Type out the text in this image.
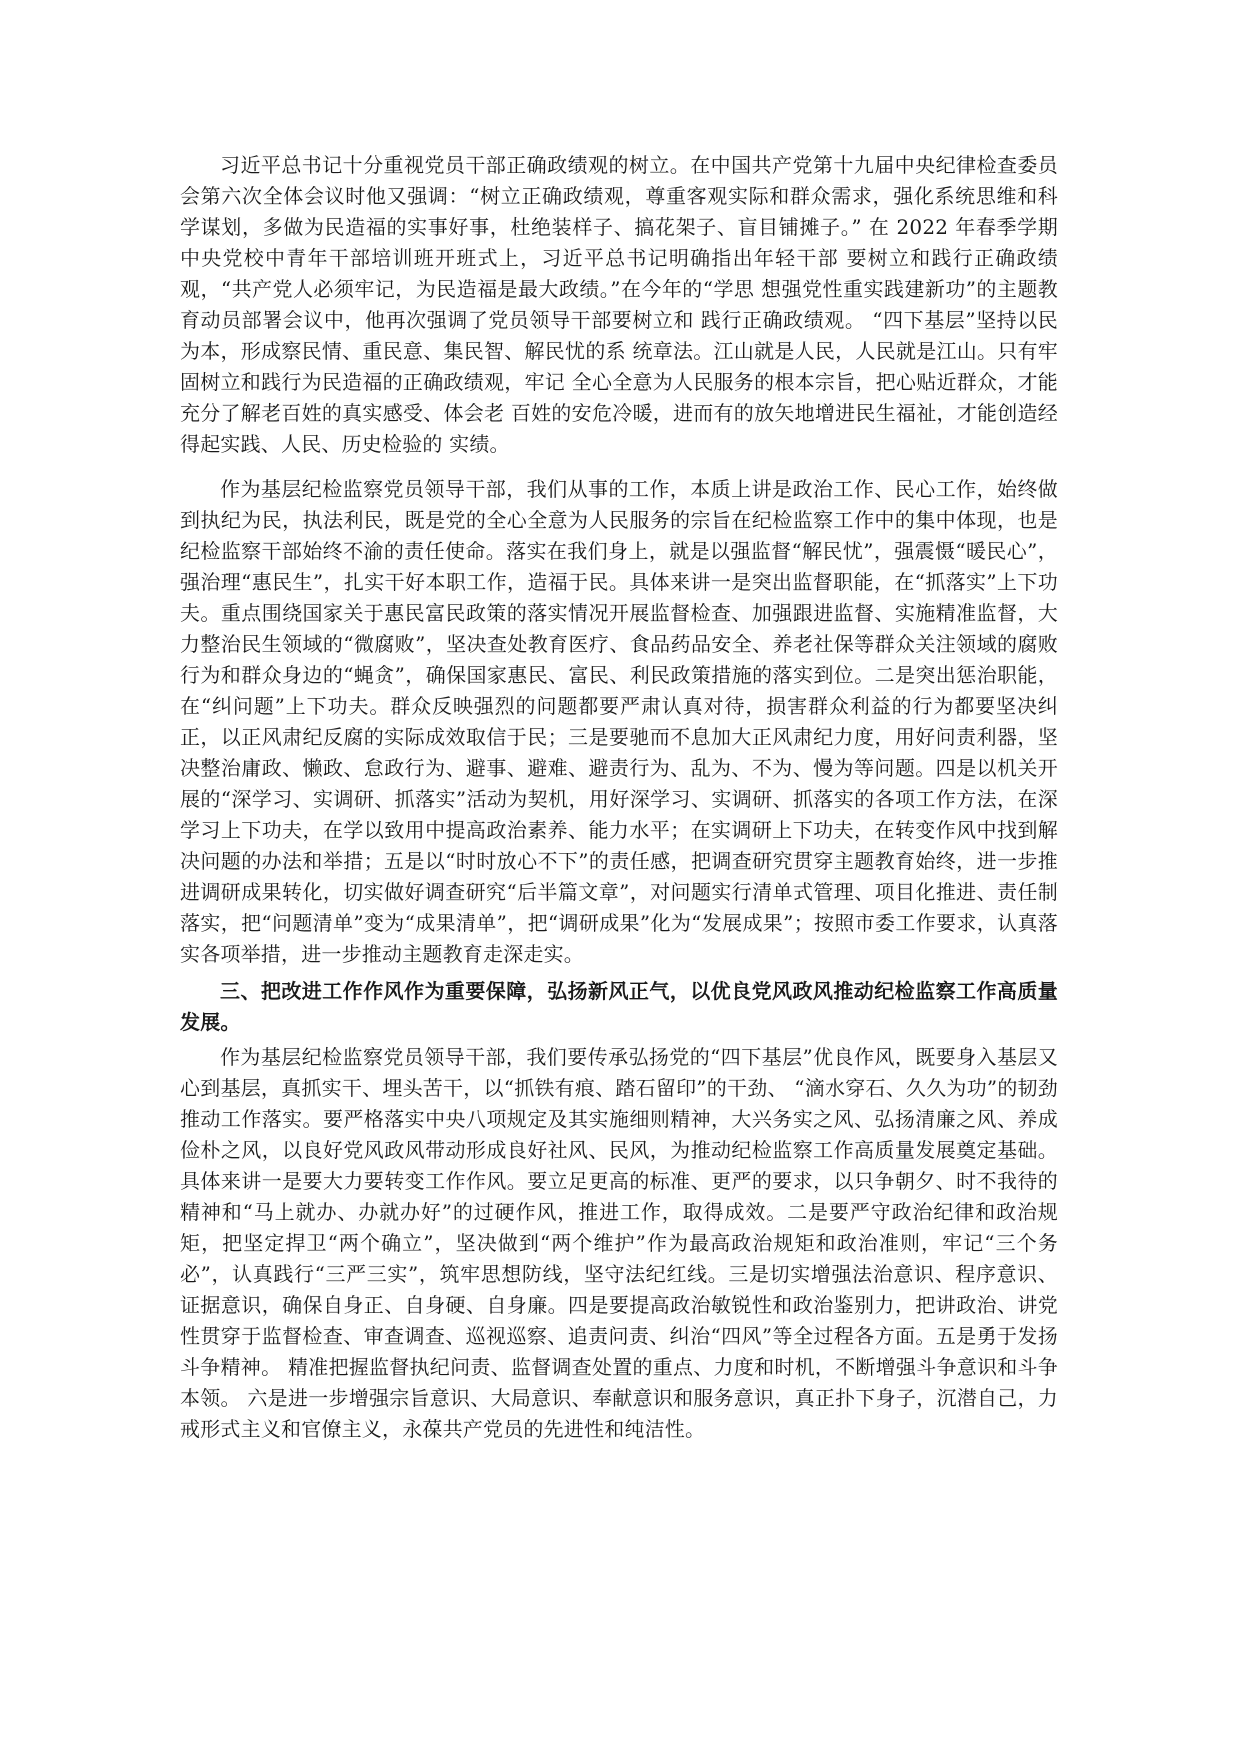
习近平总书记十分重视党员干部正确政绩观的树立。在中国共产党第十九届中央纪律检查委员会第六次全体会议时他又强调：“树立正确政绩观，尊重客观实际和群众需求，强化系统思维和科学谋划，多做为民造福的实事好事，杜绝装样子、搞花架子、盲目铺摊子。” 在 2022 年春季学期中央党校中青年干部培训班开班式上，习近平总书记明确指出年轻干部 要树立和践行正确政绩观，“共产党人必须牢记，为民造福是最大政绩。”在今年的“学思 想强党性重实践建新功”的主题教育动员部署会议中，他再次强调了党员领导干部要树立和 践行正确政绩观。 “四下基层”坚持以民为本，形成察民情、重民意、集民智、解民忧的系 统章法。江山就是人民，人民就是江山。只有牢固树立和践行为民造福的正确政绩观，牢记 全心全意为人民服务的根本宗旨，把心贴近群众，才能充分了解老百姓的真实感受、体会老 百姓的安危冷暖，进而有的放矢地增进民生福祉，才能创造经得起实践、人民、历史检验的 实绩。

作为基层纪检监察党员领导干部，我们从事的工作，本质上讲是政治工作、民心工作，始终做到执纪为民，执法利民，既是党的全心全意为人民服务的宗旨在纪检监察工作中的集中体现，也是纪检监察干部始终不渝的责任使命。落实在我们身上，就是以强监督“解民忧”，强震慑“暖民心”，强治理“惠民生”，扎实干好本职工作，造福于民。具体来讲一是突出监督职能，在“抓落实”上下功夫。重点围绕国家关于惠民富民政策的落实情况开展监督检查、加强跟进监督、实施精准监督，大力整治民生领域的“微腐败”，坚决查处教育医疗、食品药品安全、养老社保等群众关注领域的腐败行为和群众身边的“蝇贪”，确保国家惠民、富民、利民政策措施的落实到位。二是突出惩治职能，在“纠问题”上下功夫。群众反映强烈的问题都要严肃认真对待，损害群众利益的行为都要坚决纠正，以正风肃纪反腐的实际成效取信于民；三是要驰而不息加大正风肃纪力度，用好问责利器，坚决整治庸政、懒政、怠政行为、避事、避难、避责行为、乱为、不为、慢为等问题。四是以机关开展的“深学习、实调研、抓落实”活动为契机，用好深学习、实调研、抓落实的各项工作方法，在深学习上下功夫，在学以致用中提高政治素养、能力水平；在实调研上下功夫，在转变作风中找到解决问题的办法和举措；五是以“时时放心不下”的责任感，把调查研究贯穿主题教育始终，进一步推进调研成果转化，切实做好调查研究“后半篇文章”，对问题实行清单式管理、项目化推进、责任制落实，把“问题清单”变为“成果清单”，把“调研成果”化为“发展成果”；按照市委工作要求，认真落实各项举措，进一步推动主题教育走深走实。

三、把改进工作作风作为重要保障，弘扬新风正气，以优良党风政风推动纪检监察工作高质量发展。

作为基层纪检监察党员领导干部，我们要传承弘扬党的“四下基层”优良作风，既要身入基层又心到基层，真抓实干、埋头苦干，以“抓铁有痕、踏石留印”的干劲、 “滴水穿石、久久为功”的韧劲推动工作落实。要严格落实中央八项规定及其实施细则精神，大兴务实之风、弘扬清廉之风、养成俭朴之风，以良好党风政风带动形成良好社风、民风，为推动纪检监察工作高质量发展奠定基础。具体来讲一是要大力要转变工作作风。要立足更高的标准、更严的要求，以只争朝夕、时不我待的精神和“马上就办、办就办好”的过硬作风，推进工作，取得成效。二是要严守政治纪律和政治规矩，把坚定捍卫“两个确立”，坚决做到“两个维护”作为最高政治规矩和政治准则，牢记“三个务必”，认真践行“三严三实”，筑牢思想防线，坚守法纪红线。三是切实增强法治意识、程序意识、证据意识，确保自身正、自身硬、自身廉。四是要提高政治敏锐性和政治鉴别力，把讲政治、讲党性贯穿于监督检查、审查调查、巡视巡察、追责问责、纠治“四风”等全过程各方面。五是勇于发扬斗争精神。 精准把握监督执纪问责、监督调查处置的重点、力度和时机，不断增强斗争意识和斗争本领。 六是进一步增强宗旨意识、大局意识、奉献意识和服务意识，真正扑下身子，沉潜自己，力 戒形式主义和官僚主义，永葆共产党员的先进性和纯洁性。
